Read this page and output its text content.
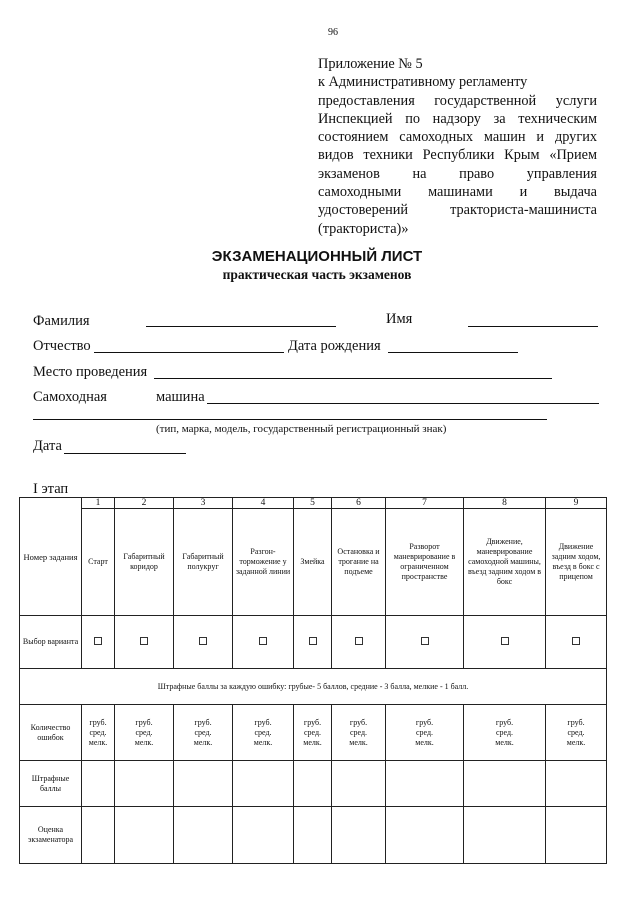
96
Приложение № 5
к Административному регламенту
предоставления государственной услуги
Инспекцией по надзору за техническим
состоянием самоходных машин и других
видов техники Республики Крым «Прием
экзаменов на право управления
самоходными машинами и выдача
удостоверений тракториста-машиниста
(тракториста)»
ЭКЗАМЕНАЦИОННЫЙ ЛИСТ
практическая часть экзаменов
Фамилия	Имя
Отчество	Дата рождения
Место проведения
Самоходная	машина
(тип, марка, модель, государственный регистрационный знак)
Дата
I этап
Номер задания	1	2	3	4	5	6	7	8	9
	Старт	Габаритный коридор	Габаритный полукруг	Разгон-торможение у заданной линии	Змейка	Остановка и трогание на подъеме	Разворот маневрирование в ограниченном пространстве	Движение, маневрирование самоходной машины, въезд задним ходом в бокс	Движение задним ходом, въезд в бокс с прицепом
Выбор варианта									
Штрафные баллы за каждую ошибку: грубые- 5 баллов, средние - 3 балла, мелкие - 1 балл.									
Количество ошибок	груб.
сред.
мелк.	груб.
сред.
мелк.	груб.
сред.
мелк.	груб.
сред.
мелк.	груб.
сред.
мелк.	груб.
сред.
мелк.	груб.
сред.
мелк.	груб.
сред.
мелк.	груб.
сред.
мелк.

Штрафные баллы									
Оценка экзаменатора									
